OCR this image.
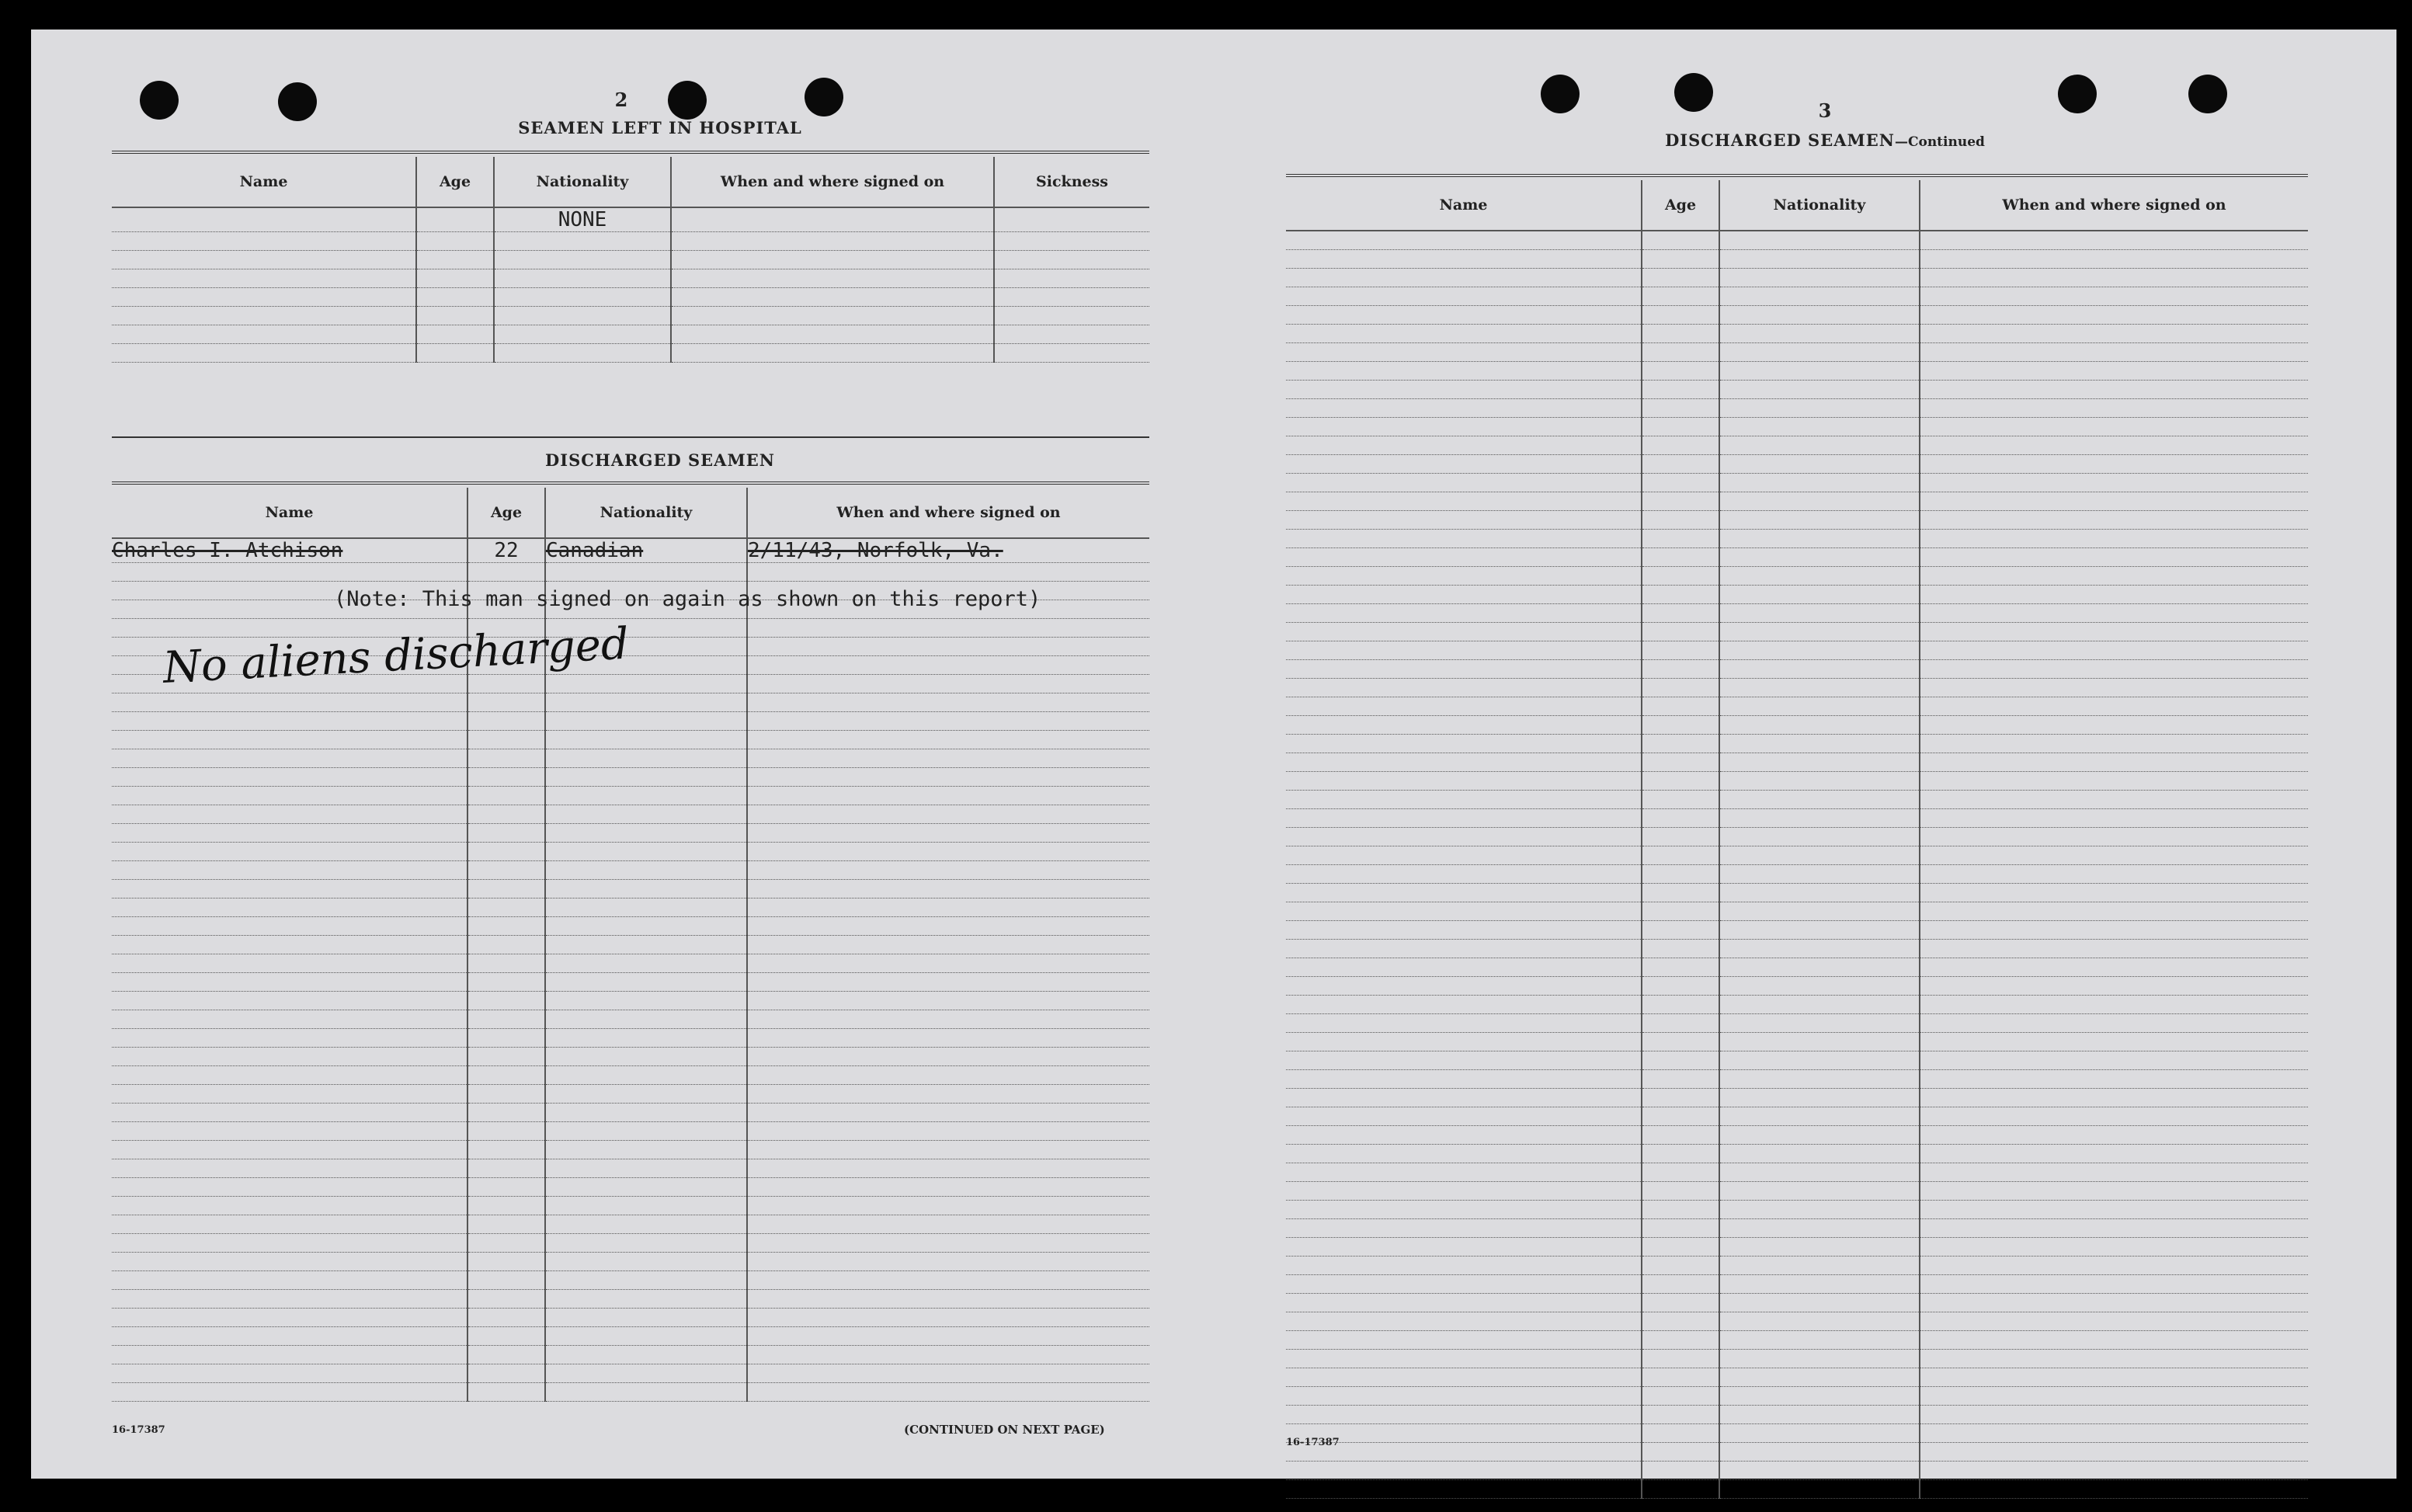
2
SEAMEN LEFT IN HOSPITAL
Name	Age	Nationality	When and where signed on	Sickness
		NONE		

DISCHARGED SEAMEN
Name	Age	Nationality	When and where signed on
Charles I. Atchison	22	Canadian	2/11/43, Norfolk, Va.

(Note: This man signed on again as shown on this report)
No aliens discharged
16-17387	(CONTINUED ON NEXT PAGE)
3
DISCHARGED SEAMEN—Continued
Name	Age	Nationality	When and where signed on

16-17387
